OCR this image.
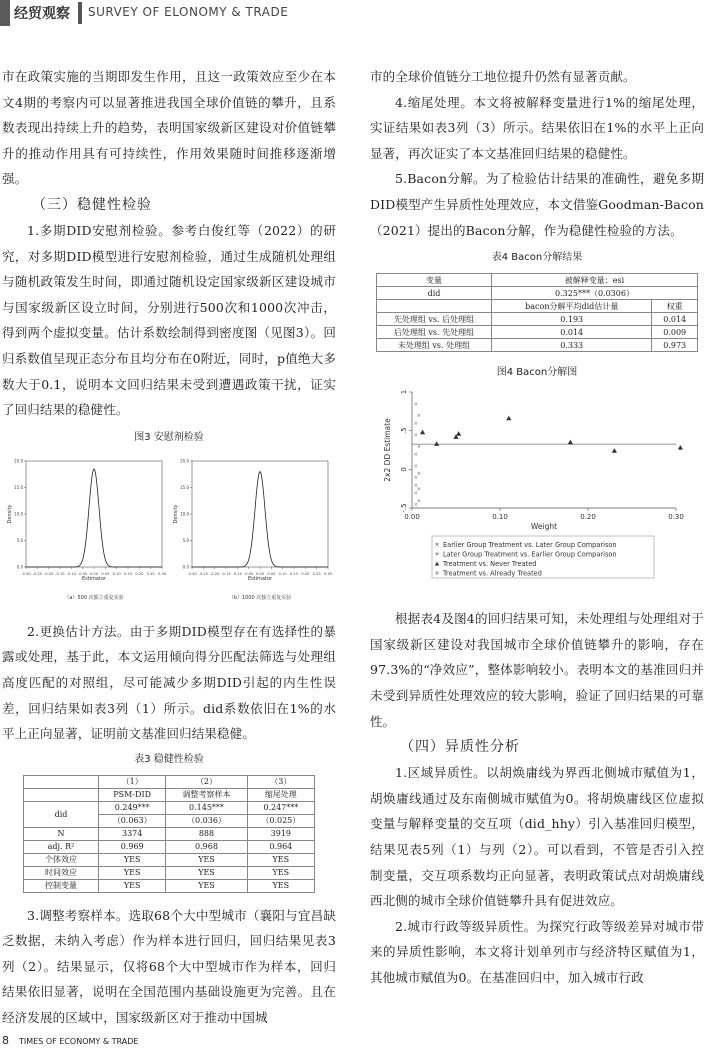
经贸观察 SURVEY OF ELONOMY & TRADE

市在政策实施的当期即发生作用，且这一政策效应至少在本文4期的考察内可以显著推进我国全球价值链的攀升，且系数表现出持续上升的趋势，表明国家级新区建设对价值链攀升的推动作用具有可持续性，作用效果随时间推移逐渐增强。

（三）稳健性检验

1.多期DID安慰剂检验。参考白俊红等（2022）的研究，对多期DID模型进行安慰剂检验，通过生成随机处理组与随机政策发生时间，即通过随机设定国家级新区建设城市与国家级新区设立时间，分别进行500次和1000次冲击，得到两个虚拟变量。估计系数绘制得到密度图（见图3）。回归系数值呈现正态分布且均分布在0附近，同时，p值绝大多数大于0.1，说明本文回归结果未受到遭遇政策干扰，证实了回归结果的稳健性。

图3 安慰剂检验
-0.30 -0.25 -0.20 -0.15 -0.10 -0.05 0.00 0.05 0.10 0.15 0.20 0.25 0.30
0.0
5.0
10.0
15.0
20.0
Estimator
Density
（a）500 次独立重复实验
-0.30 -0.25 -0.20 -0.15 -0.10 -0.05 0.00 0.05 0.10 0.15 0.20 0.25 0.30
0.0
5.0
10.0
15.0
20.0
Estimator
Density
（b）1000 次独立重复实验

2.更换估计方法。由于多期DID模型存在有选择性的暴露或处理，基于此，本文运用倾向得分匹配法筛选与处理组高度匹配的对照组，尽可能减少多期DID引起的内生性误差，回归结果如表3列（1）所示。did系数依旧在1%的水平上正向显著，证明前文基准回归结果稳健。

表3 稳健性检验
	（1）	（2）	（3）
	PSM-DID	调整考察样本	缩尾处理
did	0.249***	0.145***	0.247***
	（0.063）	（0.036）	（0.025）
N	3374	888	3919
adj. R²	0.969	0.968	0.964
个体效应	YES	YES	YES
时间效应	YES	YES	YES
控制变量	YES	YES	YES

3.调整考察样本。选取68个大中型城市（襄阳与宜昌缺乏数据，未纳入考虑）作为样本进行回归，回归结果见表3列（2）。结果显示，仅将68个大中型城市作为样本，回归结果依旧显著，说明在全国范围内基础设施更为完善。且在经济发展的区域中，国家级新区对于推动中国城

市的全球价值链分工地位提升仍然有显著贡献。

4.缩尾处理。本文将被解释变量进行1%的缩尾处理，实证结果如表3列（3）所示。结果依旧在1%的水平上正向显著，再次证实了本文基准回归结果的稳健性。

5.Bacon分解。为了检验估计结果的准确性，避免多期DID模型产生异质性处理效应，本文借鉴Goodman-Bacon（2021）提出的Bacon分解，作为稳健性检验的方法。

表4 Bacon分解结果
变量	被解释变量：esi	
did	0.325***（0.0306）	
	bacon分解平均did估计量	权重
先处理组 vs. 后处理组	0.193	0.014
后处理组 vs. 先处理组	0.014	0.009
未处理组 vs. 处理组	0.333	0.973
图4 Bacon分解图
0.00	0.10	0.20	0.30
-.5
0
.5
1
Weight
2x2 DD Estimate
×
×
×
×
×
×
×
×
×
×
×
×
×
×
× Earlier Group Treatment vs. Later Group Comparison
× Later Group Treatment vs. Earlier Group Comparison
▲ Treatment vs. Never Treated
o Treatment vs. Already Treated

根据表4及图4的回归结果可知，未处理组与处理组对于国家级新区建设对我国城市全球价值链攀升的影响，存在97.3%的“净效应”，整体影响较小。表明本文的基准回归并未受到异质性处理效应的较大影响，验证了回归结果的可靠性。

（四）异质性分析

1.区域异质性。以胡焕庸线为界西北侧城市赋值为1，胡焕庸线通过及东南侧城市赋值为0。将胡焕庸线区位虚拟变量与解释变量的交互项（did_hhy）引入基准回归模型，结果见表5列（1）与列（2）。可以看到，不管是否引入控制变量，交互项系数均正向显著，表明政策试点对胡焕庸线西北侧的城市全球价值链攀升具有促进效应。

2.城市行政等级异质性。为探究行政等级差异对城市带来的异质性影响，本文将计划单列市与经济特区赋值为1，其他城市赋值为0。在基准回归中，加入城市行政

8 TIMES OF ECONOMY & TRADE
